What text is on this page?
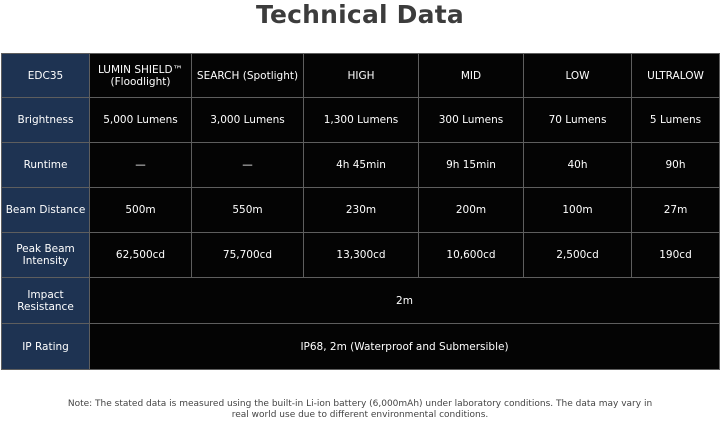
Technical Data
EDC35	LUMIN SHIELD™ (Floodlight)	SEARCH (Spotlight)	HIGH	MID	LOW	ULTRALOW
Brightness	5,000 Lumens	3,000 Lumens	1,300 Lumens	300 Lumens	70 Lumens	5 Lumens
Runtime	—	—	4h 45min	9h 15min	40h	90h
Beam Distance	500m	550m	230m	200m	100m	27m
Peak Beam Intensity	62,500cd	75,700cd	13,300cd	10,600cd	2,500cd	190cd
Impact Resistance	2m					
IP Rating	IP68, 2m (Waterproof and Submersible)					
Note: The stated data is measured using the built-in Li-ion battery (6,000mAh) under laboratory conditions. The data may vary in real world use due to different environmental conditions.
